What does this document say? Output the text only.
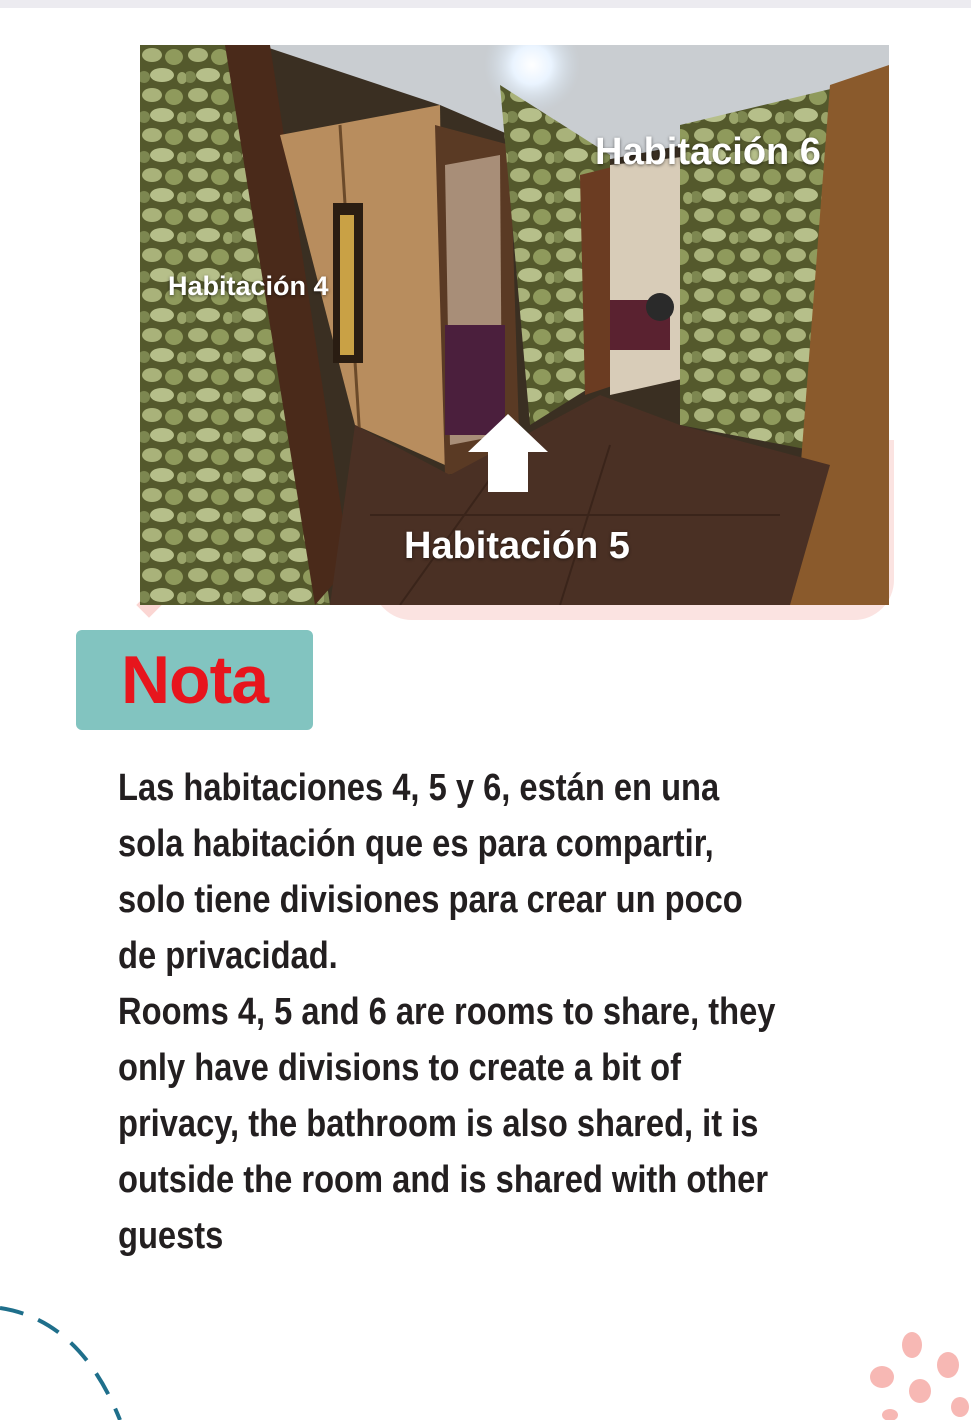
Habitación 4
Habitación 6
Habitación 5
Nota

Las habitaciones 4, 5 y 6, están en una

sola habitación que es para compartir,

solo tiene divisiones para crear un poco

de privacidad.

Rooms 4, 5 and 6 are rooms to share, they

only have divisions to create a bit of

privacy, the bathroom is also shared, it is

outside the room and is shared with other

guests
